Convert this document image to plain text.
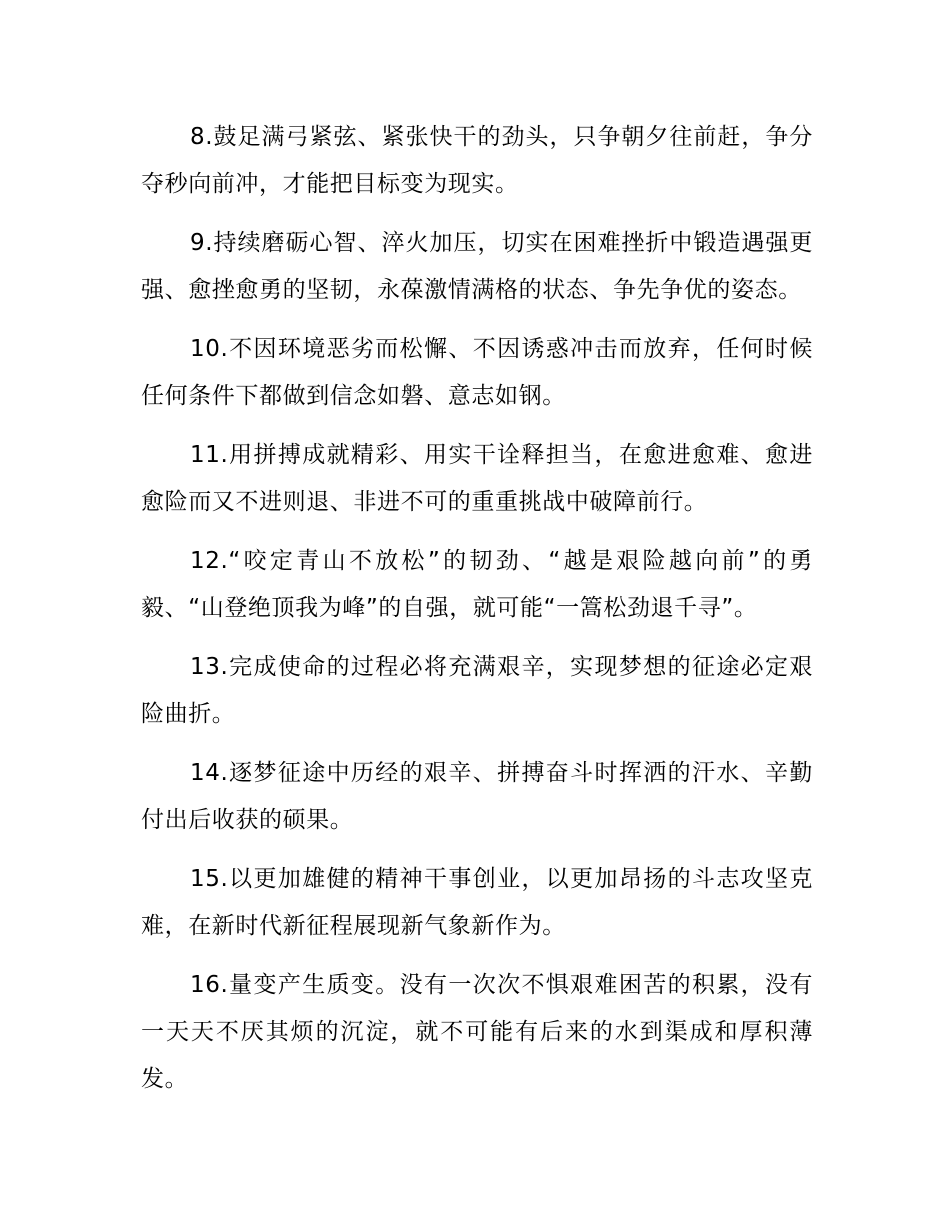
8.鼓足满弓紧弦、紧张快干的劲头，只争朝夕往前赶，争分夺秒向前冲，才能把目标变为现实。

9.持续磨砺心智、淬火加压，切实在困难挫折中锻造遇强更强、愈挫愈勇的坚韧，永葆激情满格的状态、争先争优的姿态。

10.不因环境恶劣而松懈、不因诱惑冲击而放弃，任何时候任何条件下都做到信念如磐、意志如钢。

11.用拼搏成就精彩、用实干诠释担当，在愈进愈难、愈进愈险而又不进则退、非进不可的重重挑战中破障前行。

12.“咬定青山不放松”的韧劲、“越是艰险越向前”的勇毅、“山登绝顶我为峰”的自强，就可能“一篙松劲退千寻”。

13.完成使命的过程必将充满艰辛，实现梦想的征途必定艰险曲折。

14.逐梦征途中历经的艰辛、拼搏奋斗时挥洒的汗水、辛勤付出后收获的硕果。

15.以更加雄健的精神干事创业，以更加昂扬的斗志攻坚克难，在新时代新征程展现新气象新作为。

16.量变产生质变。没有一次次不惧艰难困苦的积累，没有一天天不厌其烦的沉淀，就不可能有后来的水到渠成和厚积薄发。
